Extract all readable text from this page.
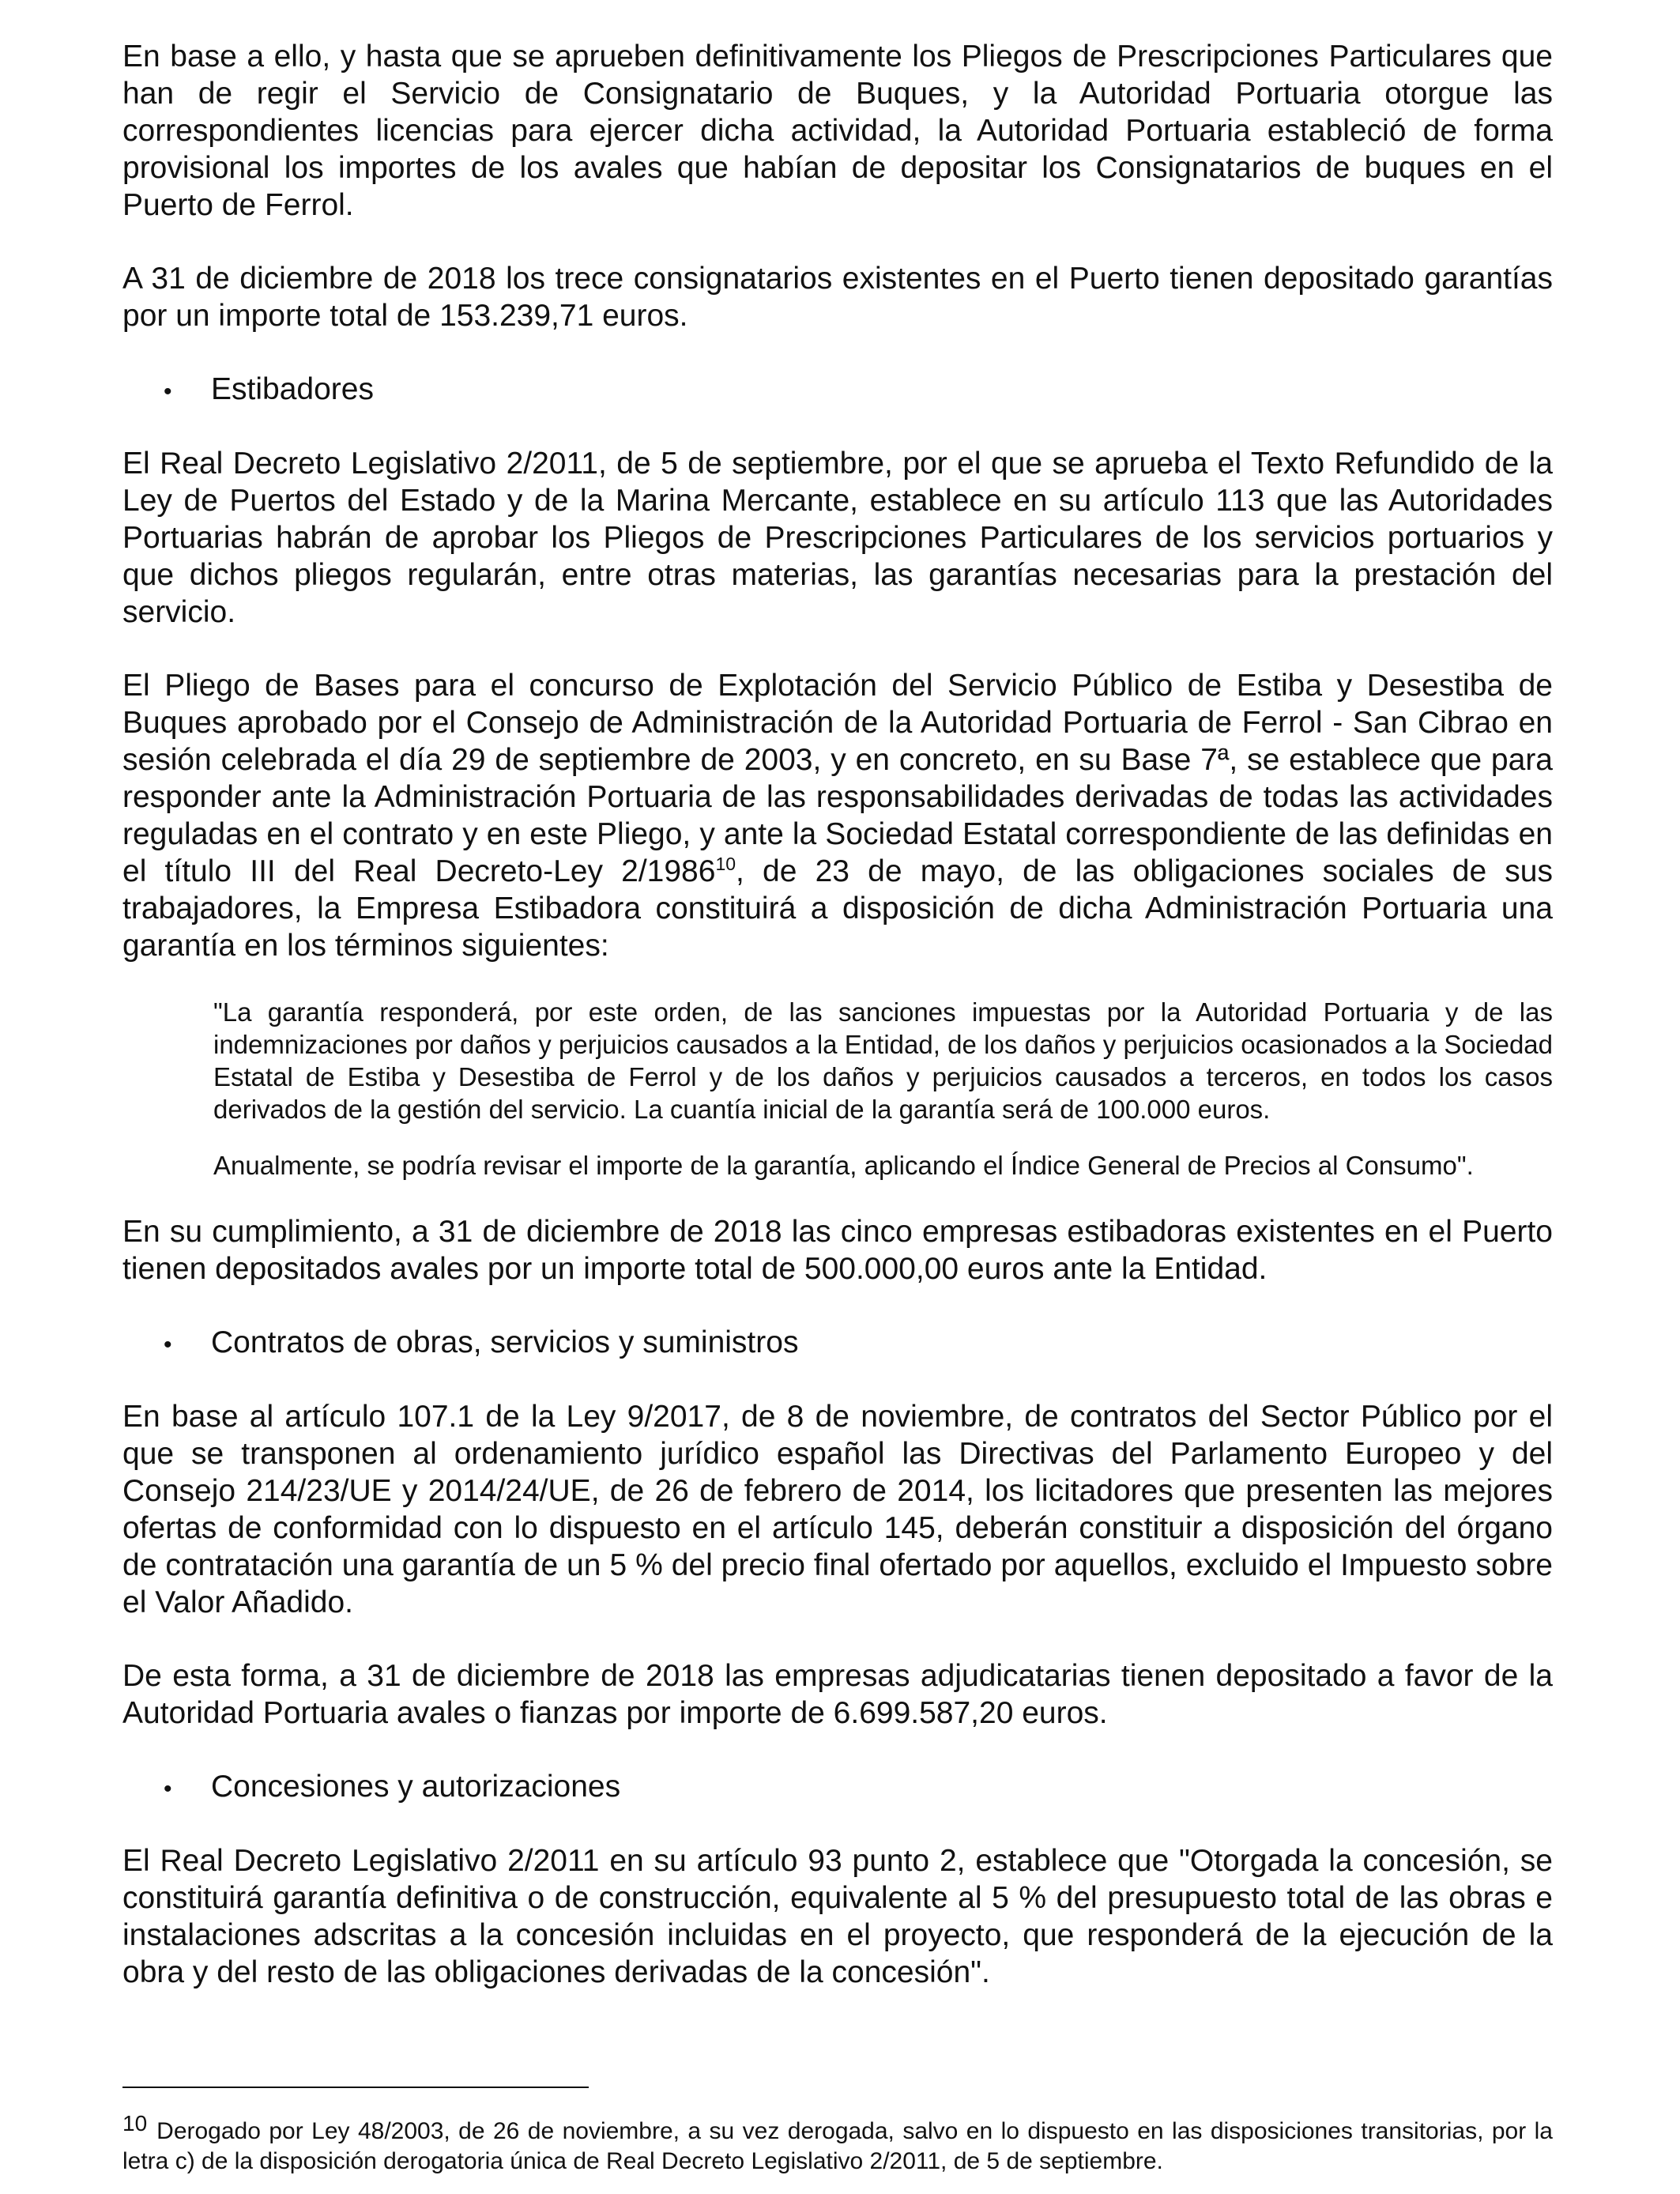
En base a ello, y hasta que se aprueben definitivamente los Pliegos de Prescripciones Particulares que han de regir el Servicio de Consignatario de Buques, y la Autoridad Portuaria otorgue las correspondientes licencias para ejercer dicha actividad, la Autoridad Portuaria estableció de forma provisional los importes de los avales que habían de depositar los Consignatarios de buques en el Puerto de Ferrol.

A 31 de diciembre de 2018 los trece consignatarios existentes en el Puerto tienen depositado garantías por un importe total de 153.239,71 euros.

•	Estibadores

El Real Decreto Legislativo 2/2011, de 5 de septiembre, por el que se aprueba el Texto Refundido de la Ley de Puertos del Estado y de la Marina Mercante, establece en su artículo 113 que las Autoridades Portuarias habrán de aprobar los Pliegos de Prescripciones Particulares de los servicios portuarios y que dichos pliegos regularán, entre otras materias, las garantías necesarias para la prestación del servicio.

El Pliego de Bases para el concurso de Explotación del Servicio Público de Estiba y Desestiba de Buques aprobado por el Consejo de Administración de la Autoridad Portuaria de Ferrol - San Cibrao en sesión celebrada el día 29 de septiembre de 2003, y en concreto, en su Base 7ª, se establece que para responder ante la Administración Portuaria de las responsabilidades derivadas de todas las actividades reguladas en el contrato y en este Pliego, y ante la Sociedad Estatal correspondiente de las definidas en el título III del Real Decreto-Ley 2/1986$^{10}$, de 23 de mayo, de las obligaciones sociales de sus trabajadores, la Empresa Estibadora constituirá a disposición de dicha Administración Portuaria una garantía en los términos siguientes:

"La garantía responderá, por este orden, de las sanciones impuestas por la Autoridad Portuaria y de las indemnizaciones por daños y perjuicios causados a la Entidad, de los daños y perjuicios ocasionados a la Sociedad Estatal de Estiba y Desestiba de Ferrol y de los daños y perjuicios causados a terceros, en todos los casos derivados de la gestión del servicio. La cuantía inicial de la garantía será de 100.000 euros.

Anualmente, se podría revisar el importe de la garantía, aplicando el Índice General de Precios al Consumo".

En su cumplimiento, a 31 de diciembre de 2018 las cinco empresas estibadoras existentes en el Puerto tienen depositados avales por un importe total de 500.000,00 euros ante la Entidad.

•	Contratos de obras, servicios y suministros

En base al artículo 107.1 de la Ley 9/2017, de 8 de noviembre, de contratos del Sector Público por el que se transponen al ordenamiento jurídico español las Directivas del Parlamento Europeo y del Consejo 214/23/UE y 2014/24/UE, de 26 de febrero de 2014, los licitadores que presenten las mejores ofertas de conformidad con lo dispuesto en el artículo 145, deberán constituir a disposición del órgano de contratación una garantía de un 5 % del precio final ofertado por aquellos, excluido el Impuesto sobre el Valor Añadido.

De esta forma, a 31 de diciembre de 2018 las empresas adjudicatarias tienen depositado a favor de la Autoridad Portuaria avales o fianzas por importe de 6.699.587,20 euros.

•	Concesiones y autorizaciones

El Real Decreto Legislativo 2/2011 en su artículo 93 punto 2, establece que "Otorgada la concesión, se constituirá garantía definitiva o de construcción, equivalente al 5 % del presupuesto total de las obras e instalaciones adscritas a la concesión incluidas en el proyecto, que responderá de la ejecución de la obra y del resto de las obligaciones derivadas de la concesión".

10 Derogado por Ley 48/2003, de 26 de noviembre, a su vez derogada, salvo en lo dispuesto en las disposiciones transitorias, por la letra c) de la disposición derogatoria única de Real Decreto Legislativo 2/2011, de 5 de septiembre.
